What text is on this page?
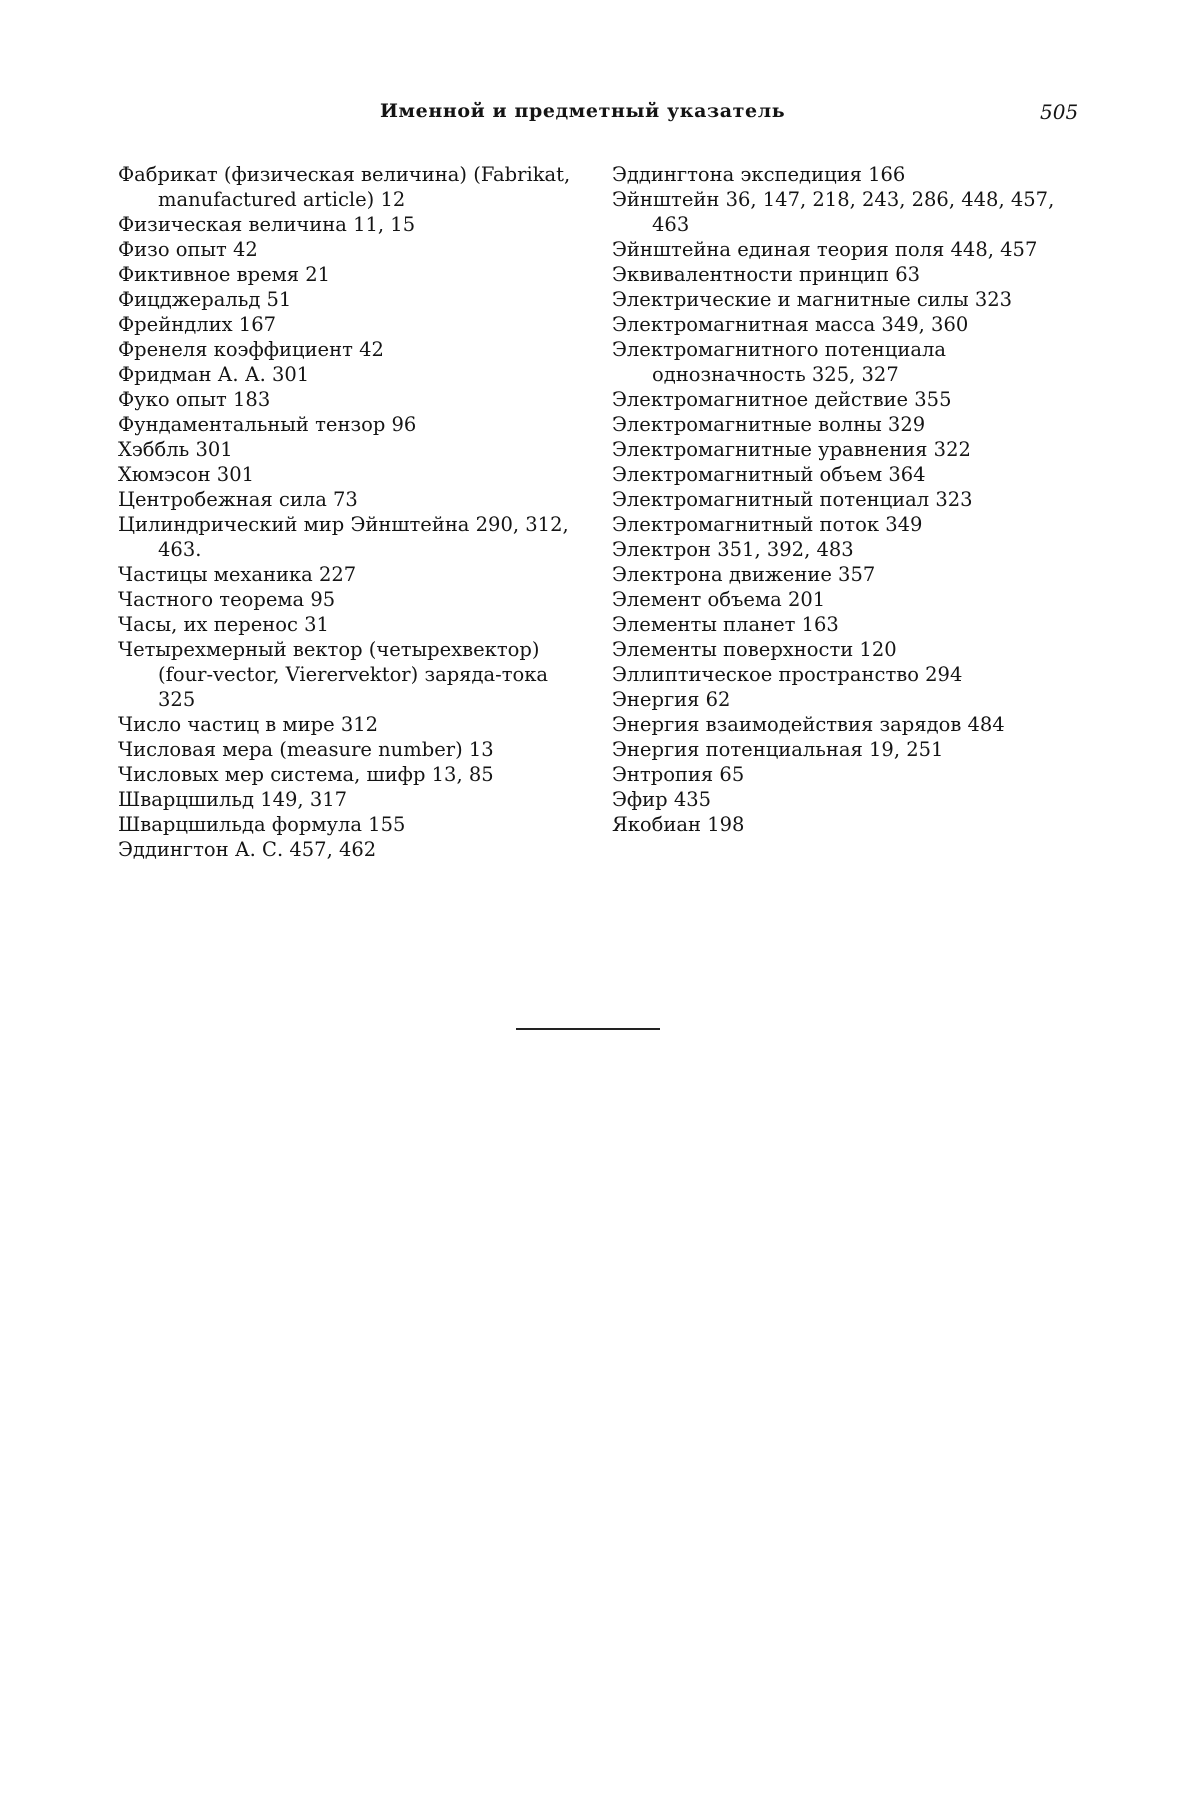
Именной и предметный указатель	505
Фабрикат (физическая величина) (Fabrikat, manufactured article) 12
Физическая величина 11, 15
Физо опыт 42
Фиктивное время 21
Фицджеральд 51
Фрейндлих 167
Френеля коэффициент 42
Фридман А. А. 301
Фуко опыт 183
Фундаментальный тензор 96
Хэббль 301
Хюмэсон 301
Центробежная сила 73
Цилиндрический мир Эйнштейна 290, 312, 463.
Частицы механика 227
Частного теорема 95
Часы, их перенос 31
Четырехмерный вектор (четырехвектор) (four-vector, Vierervektor) заряда-тока 325
Число частиц в мире 312
Числовая мера (measure number) 13
Числовых мер система, шифр 13, 85
Шварцшильд 149, 317
Шварцшильда формула 155
Эддингтон А. С. 457, 462
Эддингтона экспедиция 166
Эйнштейн 36, 147, 218, 243, 286, 448, 457, 463
Эйнштейна единая теория поля 448, 457
Эквивалентности принцип 63
Электрические и магнитные силы 323
Электромагнитная масса 349, 360
Электромагнитного потенциала однозначность 325, 327
Электромагнитное действие 355
Электромагнитные волны 329
Электромагнитные уравнения 322
Электромагнитный объем 364
Электромагнитный потенциал 323
Электромагнитный поток 349
Электрон 351, 392, 483
Электрона движение 357
Элемент объема 201
Элементы планет 163
Элементы поверхности 120
Эллиптическое пространство 294
Энергия 62
Энергия взаимодействия зарядов 484
Энергия потенциальная 19, 251
Энтропия 65
Эфир 435
Якобиан 198
